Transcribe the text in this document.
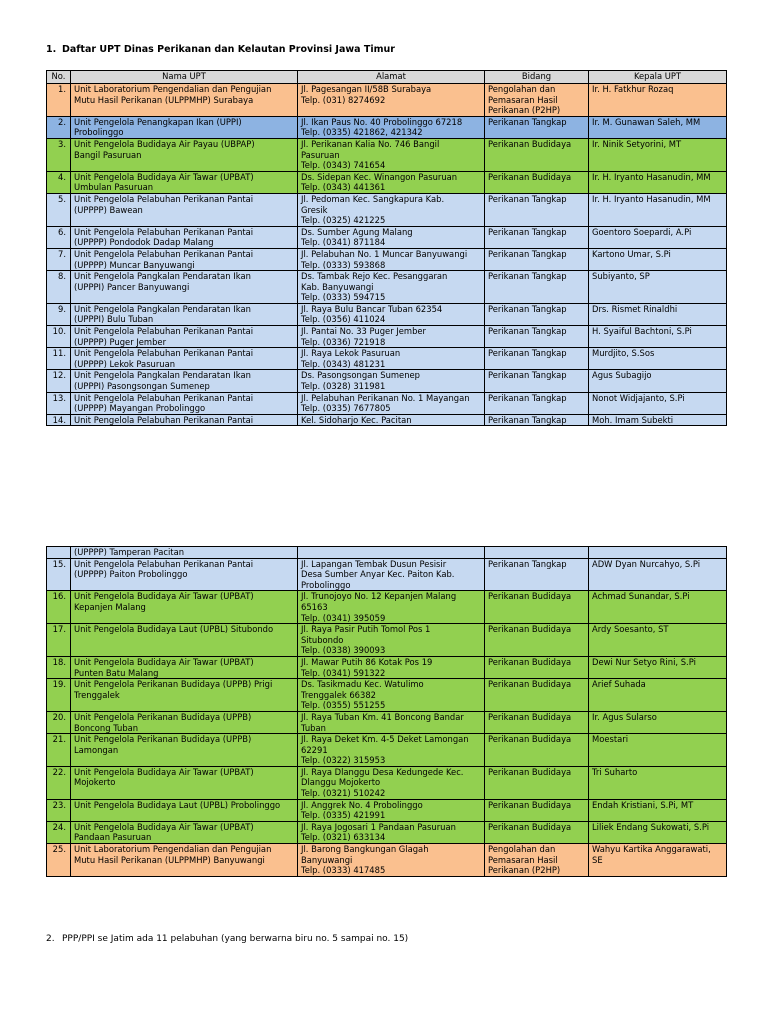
1. Daftar UPT Dinas Perikanan dan Kelautan Provinsi Jawa Timur
No.	Nama UPT	Alamat	Bidang	Kepala UPT
1.	Unit Laboratorium Pengendalian dan Pengujian
Mutu Hasil Perikanan (ULPPMHP) Surabaya	Jl. Pagesangan II/58B Surabaya
Telp. (031) 8274692	Pengolahan dan
Pemasaran Hasil
Perikanan (P2HP)	Ir. H. Fatkhur Rozaq

2.	Unit Pengelola Penangkapan Ikan (UPPI)
Probolinggo	Jl. Ikan Paus No. 40 Probolinggo 67218
Telp. (0335) 421862, 421342	Perikanan Tangkap	Ir. M. Gunawan Saleh, MM

3.	Unit Pengelola Budidaya Air Payau (UBPAP)
Bangil Pasuruan	Jl. Perikanan Kalia No. 746 Bangil
Pasuruan
Telp. (0343) 741654	Perikanan Budidaya	Ir. Ninik Setyorini, MT

4.	Unit Pengelola Budidaya Air Tawar (UPBAT)
Umbulan Pasuruan	Ds. Sidepan Kec. Winangon Pasuruan
Telp. (0343) 441361	Perikanan Budidaya	Ir. H. Iryanto Hasanudin, MM

5.	Unit Pengelola Pelabuhan Perikanan Pantai
(UPPPP) Bawean	Jl. Pedoman Kec. Sangkapura Kab.
Gresik
Telp. (0325) 421225	Perikanan Tangkap	Ir. H. Iryanto Hasanudin, MM

6.	Unit Pengelola Pelabuhan Perikanan Pantai
(UPPPP) Pondodok Dadap Malang	Ds. Sumber Agung Malang
Telp. (0341) 871184	Perikanan Tangkap	Goentoro Soepardi, A.Pi

7.	Unit Pengelola Pelabuhan Perikanan Pantai
(UPPPP) Muncar Banyuwangi	Jl. Pelabuhan No. 1 Muncar Banyuwangi
Telp. (0333) 593868	Perikanan Tangkap	Kartono Umar, S.Pi

8.	Unit Pengelola Pangkalan Pendaratan Ikan
(UPPPI) Pancer Banyuwangi	Ds. Tambak Rejo Kec. Pesanggaran
Kab. Banyuwangi
Telp. (0333) 594715	Perikanan Tangkap	Subiyanto, SP

9.	Unit Pengelola Pangkalan Pendaratan Ikan
(UPPPI) Bulu Tuban	Jl. Raya Bulu Bancar Tuban 62354
Telp. (0356) 411024	Perikanan Tangkap	Drs. Rismet Rinaldhi

10.	Unit Pengelola Pelabuhan Perikanan Pantai
(UPPPP) Puger Jember	Jl. Pantai No. 33 Puger Jember
Telp. (0336) 721918	Perikanan Tangkap	H. Syaiful Bachtoni, S.Pi

11.	Unit Pengelola Pelabuhan Perikanan Pantai
(UPPPP) Lekok Pasuruan	Jl. Raya Lekok Pasuruan
Telp. (0343) 481231	Perikanan Tangkap	Murdjito, S.Sos

12.	Unit Pengelola Pangkalan Pendaratan Ikan
(UPPPI) Pasongsongan Sumenep	Ds. Pasongsongan Sumenep
Telp. (0328) 311981	Perikanan Tangkap	Agus Subagijo

13.	Unit Pengelola Pelabuhan Perikanan Pantai
(UPPPP) Mayangan Probolinggo	Jl. Pelabuhan Perikanan No. 1 Mayangan
Telp. (0335) 7677805	Perikanan Tangkap	Nonot Widjajanto, S.Pi

14.	Unit Pengelola Pelabuhan Perikanan Pantai	Kel. Sidoharjo Kec. Pacitan	Perikanan Tangkap	Moh. Imam Subekti

	(UPPPP) Tamperan Pacitan			

15.	Unit Pengelola Pelabuhan Perikanan Pantai
(UPPPP) Paiton Probolinggo	Jl. Lapangan Tembak Dusun Pesisir
Desa Sumber Anyar Kec. Paiton Kab.
Probolinggo	Perikanan Tangkap	ADW Dyan Nurcahyo, S.Pi

16.	Unit Pengelola Budidaya Air Tawar (UPBAT)
Kepanjen Malang	Jl. Trunojoyo No. 12 Kepanjen Malang
65163
Telp. (0341) 395059	Perikanan Budidaya	Achmad Sunandar, S.Pi

17.	Unit Pengelola Budidaya Laut (UPBL) Situbondo	Jl. Raya Pasir Putih Tomol Pos 1
Situbondo
Telp. (0338) 390093	Perikanan Budidaya	Ardy Soesanto, ST

18.	Unit Pengelola Budidaya Air Tawar (UPBAT)
Punten Batu Malang	Jl. Mawar Putih 86 Kotak Pos 19
Telp. (0341) 591322	Perikanan Budidaya	Dewi Nur Setyo Rini, S.Pi

19.	Unit Pengelola Perikanan Budidaya (UPPB) Prigi
Trenggalek	Ds. Tasikmadu Kec. Watulimo
Trenggalek 66382
Telp. (0355) 551255	Perikanan Budidaya	Arief Suhada

20.	Unit Pengelola Perikanan Budidaya (UPPB)
Boncong Tuban	Jl. Raya Tuban Km. 41 Boncong Bandar
Tuban	Perikanan Budidaya	Ir. Agus Sularso

21.	Unit Pengelola Perikanan Budidaya (UPPB)
Lamongan	Jl. Raya Deket Km. 4-5 Deket Lamongan
62291
Telp. (0322) 315953	Perikanan Budidaya	Moestari

22.	Unit Pengelola Budidaya Air Tawar (UPBAT)
Mojokerto	Jl. Raya Dlanggu Desa Kedungede Kec.
Dlanggu Mojokerto
Telp. (0321) 510242	Perikanan Budidaya	Tri Suharto

23.	Unit Pengelola Budidaya Laut (UPBL) Probolinggo	Jl. Anggrek No. 4 Probolinggo
Telp. (0335) 421991	Perikanan Budidaya	Endah Kristiani, S.Pi, MT

24.	Unit Pengelola Budidaya Air Tawar (UPBAT)
Pandaan Pasuruan	Jl. Raya Jogosari 1 Pandaan Pasuruan
Telp. (0321) 633134	Perikanan Budidaya	Liliek Endang Sukowati, S.Pi

25.	Unit Laboratorium Pengendalian dan Pengujian
Mutu Hasil Perikanan (ULPPMHP) Banyuwangi	Jl. Barong Bangkungan Glagah
Banyuwangi
Telp. (0333) 417485	Pengolahan dan
Pemasaran Hasil
Perikanan (P2HP)	Wahyu Kartika Anggarawati,
SE
2. PPP/PPI se Jatim ada 11 pelabuhan (yang berwarna biru no. 5 sampai no. 15)
